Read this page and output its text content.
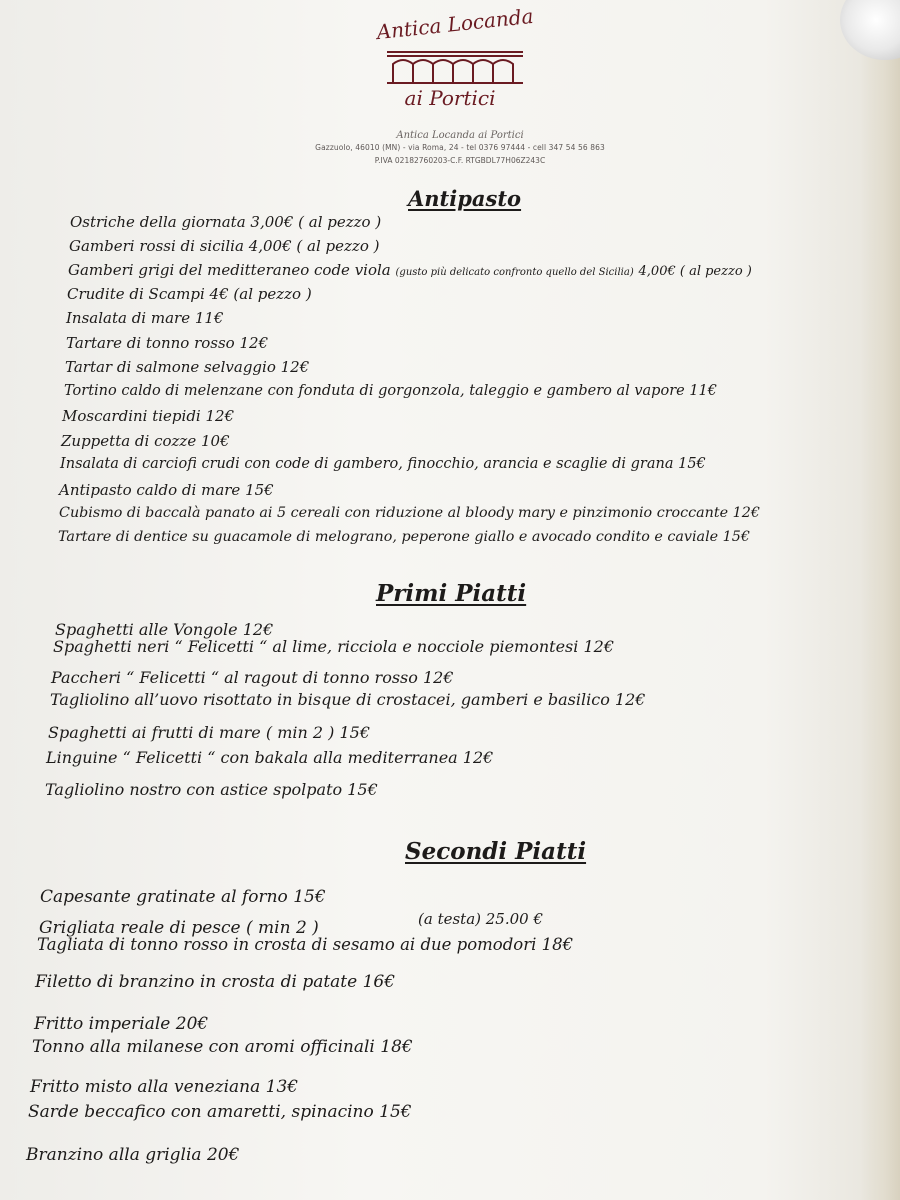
Antica Locanda
ai Portici
Antica Locanda ai Portici
Gazzuolo, 46010 (MN) - via Roma, 24 - tel 0376 97444 - cell 347 54 56 863
P.IVA 02182760203-C.F. RTGBDL77H06Z243C
Antipasto
Ostriche della giornata 3,00€ ( al pezzo )
Gamberi rossi di sicilia 4,00€ ( al pezzo )
Gamberi grigi del meditteraneo code viola (gusto più delicato confronto quello del Sicilia) 4,00€ ( al pezzo )
Crudite di Scampi 4€ (al pezzo )
Insalata di mare 11€
Tartare di tonno rosso 12€
Tartar di salmone selvaggio 12€
Tortino caldo di melenzane con fonduta di gorgonzola, taleggio e gambero al vapore 11€
Moscardini tiepidi 12€
Zuppetta di cozze 10€
Insalata di carciofi crudi con code di gambero, finocchio, arancia e scaglie di grana 15€
Antipasto caldo di mare 15€
Cubismo di baccalà panato ai 5 cereali con riduzione al bloody mary e pinzimonio croccante 12€
Tartare di dentice su guacamole di melograno, peperone giallo e avocado condito e caviale 15€
Primi Piatti
Spaghetti alle Vongole 12€
Spaghetti neri “ Felicetti “ al lime, ricciola e nocciole piemontesi 12€
Paccheri “ Felicetti “ al ragout di tonno rosso 12€
Tagliolino all’uovo risottato in bisque di crostacei, gamberi e basilico 12€
Spaghetti ai frutti di mare ( min 2 ) 15€
Linguine “ Felicetti “ con bakala alla mediterranea 12€
Tagliolino nostro con astice spolpato 15€
Secondi Piatti
Capesante gratinate al forno 15€
Grigliata reale di pesce ( min 2 )	(a testa) 25.00 €
Tagliata di tonno rosso in crosta di sesamo ai due pomodori 18€
Filetto di branzino in crosta di patate 16€
Fritto imperiale 20€
Tonno alla milanese con aromi officinali 18€
Fritto misto alla veneziana 13€
Sarde beccafico con amaretti, spinacino 15€
Branzino alla griglia 20€
